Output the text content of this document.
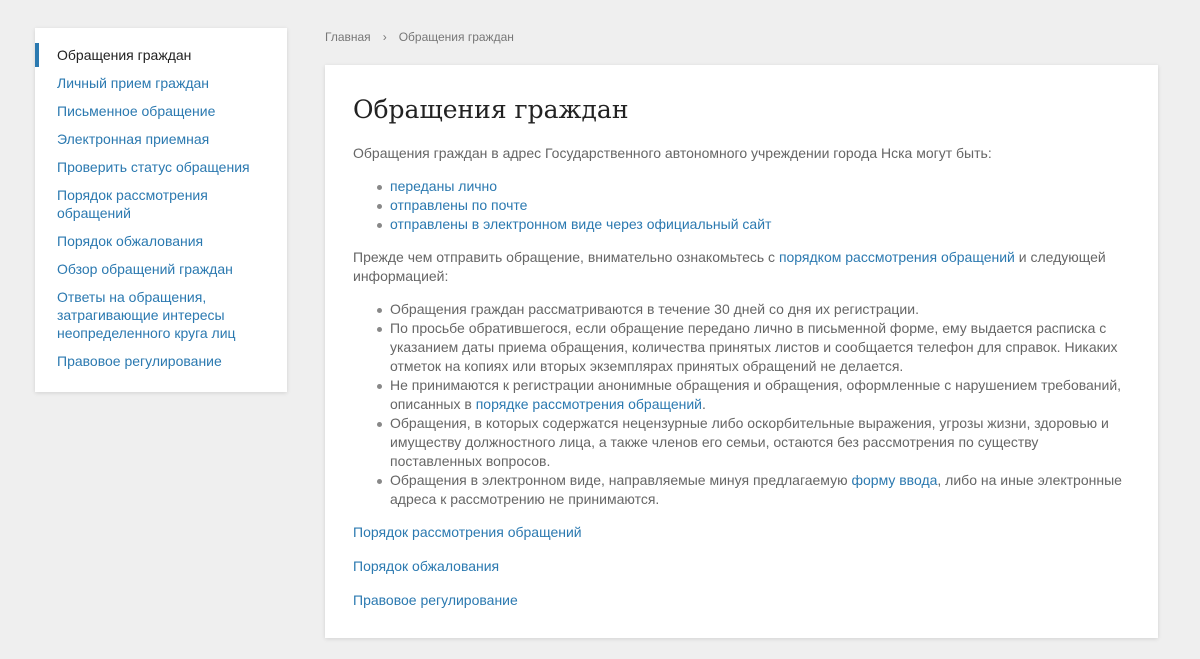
Обращения граждан
Личный прием граждан
Письменное обращение
Электронная приемная
Проверить статус обращения
Порядок рассмотрения обращений
Порядок обжалования
Обзор обращений граждан
Ответы на обращения, затрагивающие интересы неопределенного круга лиц
Правовое регулирование
Главная › Обращения граждан
Обращения граждан

Обращения граждан в адрес Государственного автономного учреждении города Нска могут быть:

переданы лично
отправлены по почте
отправлены в электронном виде через официальный сайт

Прежде чем отправить обращение, внимательно ознакомьтесь с порядком рассмотрения обращений и следующей информацией:

Обращения граждан рассматриваются в течение 30 дней со дня их регистрации.
По просьбе обратившегося, если обращение передано лично в письменной форме, ему выдается расписка с указанием даты приема обращения, количества принятых листов и сообщается телефон для справок. Никаких отметок на копиях или вторых экземплярах принятых обращений не делается.
Не принимаются к регистрации анонимные обращения и обращения, оформленные с нарушением требований, описанных в порядке рассмотрения обращений.
Обращения, в которых содержатся нецензурные либо оскорбительные выражения, угрозы жизни, здоровью и имуществу должностного лица, а также членов его семьи, остаются без рассмотрения по существу поставленных вопросов.
Обращения в электронном виде, направляемые минуя предлагаемую форму ввода, либо на иные электронные адреса к рассмотрению не принимаются.
Порядок рассмотрения обращений
Порядок обжалования
Правовое регулирование
